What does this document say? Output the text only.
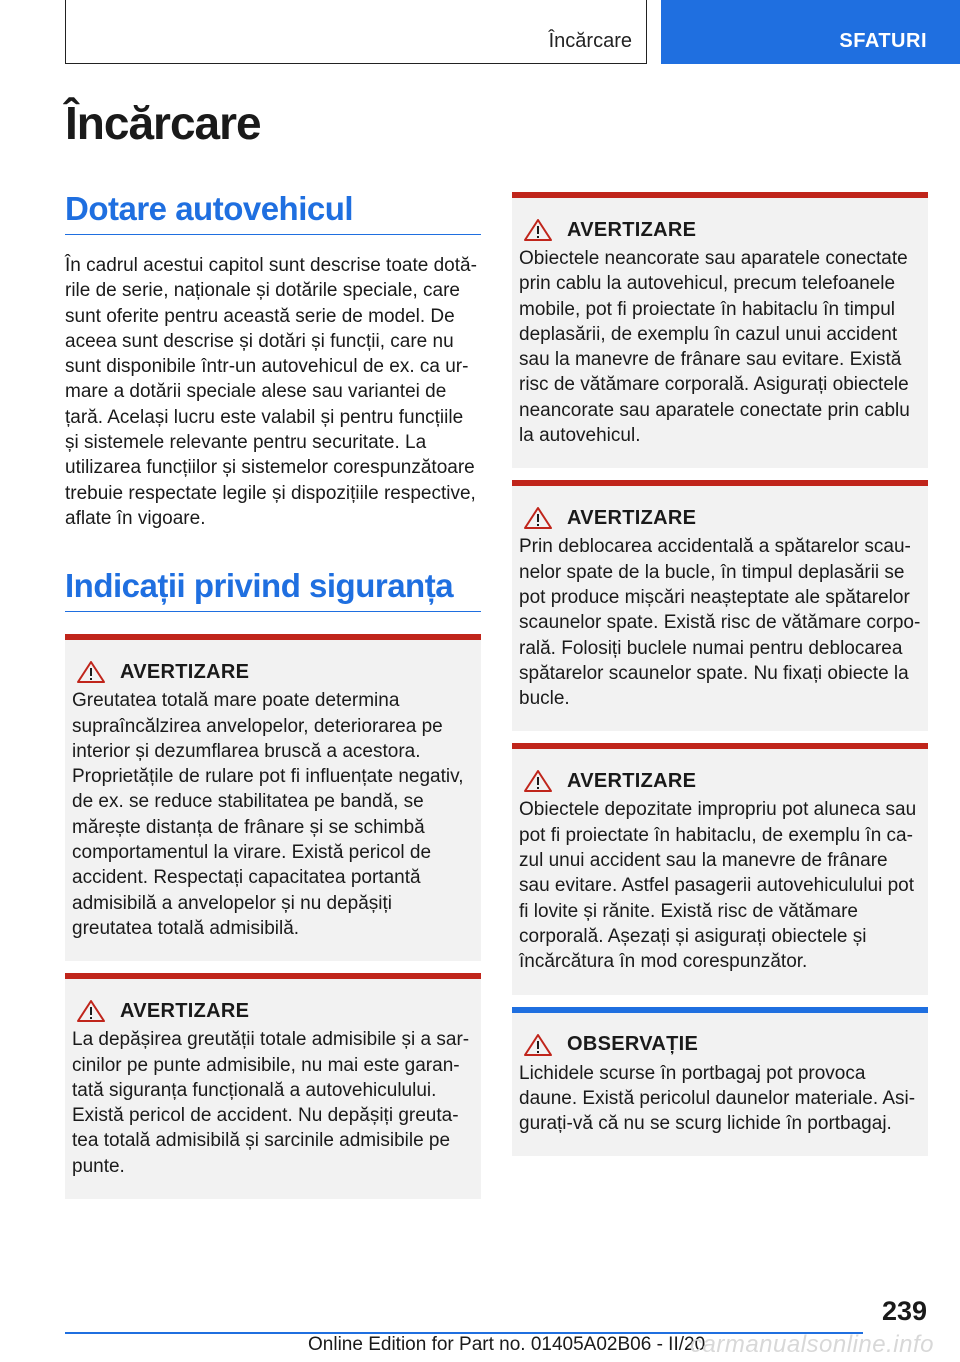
Încărcare	SFATURI
Încărcare
Dotare autovehicul

În cadrul acestui capitol sunt descrise toate dotările de serie, naționale și dotările speciale, care sunt oferite pentru această serie de model. De aceea sunt descrise și dotări și funcții, care nu sunt disponibile într-un autovehicul de ex. ca urmare a dotării speciale alese sau variantei de țară. Același lucru este valabil și pentru funcțiile și sistemele relevante pentru securitate. La utilizarea funcțiilor și sistemelor corespunzătoare trebuie respectate legile și dispozițiile respective, aflate în vigoare.

Indicații privind siguranța
AVERTIZARE

Greutatea totală mare poate determina supraîncălzirea anvelopelor, deteriorarea pe interior și dezumflarea bruscă a acestora. Proprietățile de rulare pot fi influențate negativ, de ex. se reduce stabilitatea pe bandă, se mărește distanța de frânare și se schimbă comportamentul la virare. Există pericol de accident. Respectați capacitatea portantă admisibilă a anvelopelor și nu depășiți greutatea totală admisibilă.

AVERTIZARE

La depășirea greutății totale admisibile și a sarcinilor pe punte admisibile, nu mai este garantată siguranța funcțională a autovehiculului. Există pericol de accident. Nu depășiți greutatea totală admisibilă și sarcinile admisibile pe punte.

AVERTIZARE

Obiectele neancorate sau aparatele conectate prin cablu la autovehicul, precum telefoanele mobile, pot fi proiectate în habitaclu în timpul deplasării, de exemplu în cazul unui accident sau la manevre de frânare sau evitare. Există risc de vătămare corporală. Asigurați obiectele neancorate sau aparatele conectate prin cablu la autovehicul.

AVERTIZARE

Prin deblocarea accidentală a spătarelor scaunelor spate de la bucle, în timpul deplasării se pot produce mișcări neașteptate ale spătarelor scaunelor spate. Există risc de vătămare corporală. Folosiți buclele numai pentru deblocarea spătarelor scaunelor spate. Nu fixați obiecte la bucle.

AVERTIZARE

Obiectele depozitate impropriu pot aluneca sau pot fi proiectate în habitaclu, de exemplu în cazul unui accident sau la manevre de frânare sau evitare. Astfel pasagerii autovehiculului pot fi lovite și rănite. Există risc de vătămare corporală. Așezați și asigurați obiectele și încărcătura în mod corespunzător.

OBSERVAȚIE

Lichidele scurse în portbagaj pot provoca daune. Există pericolul daunelor materiale. Asigurați-vă că nu se scurg lichide în portbagaj.

239
Online Edition for Part no. 01405A02B06 - II/20
carmanualsonline.info
